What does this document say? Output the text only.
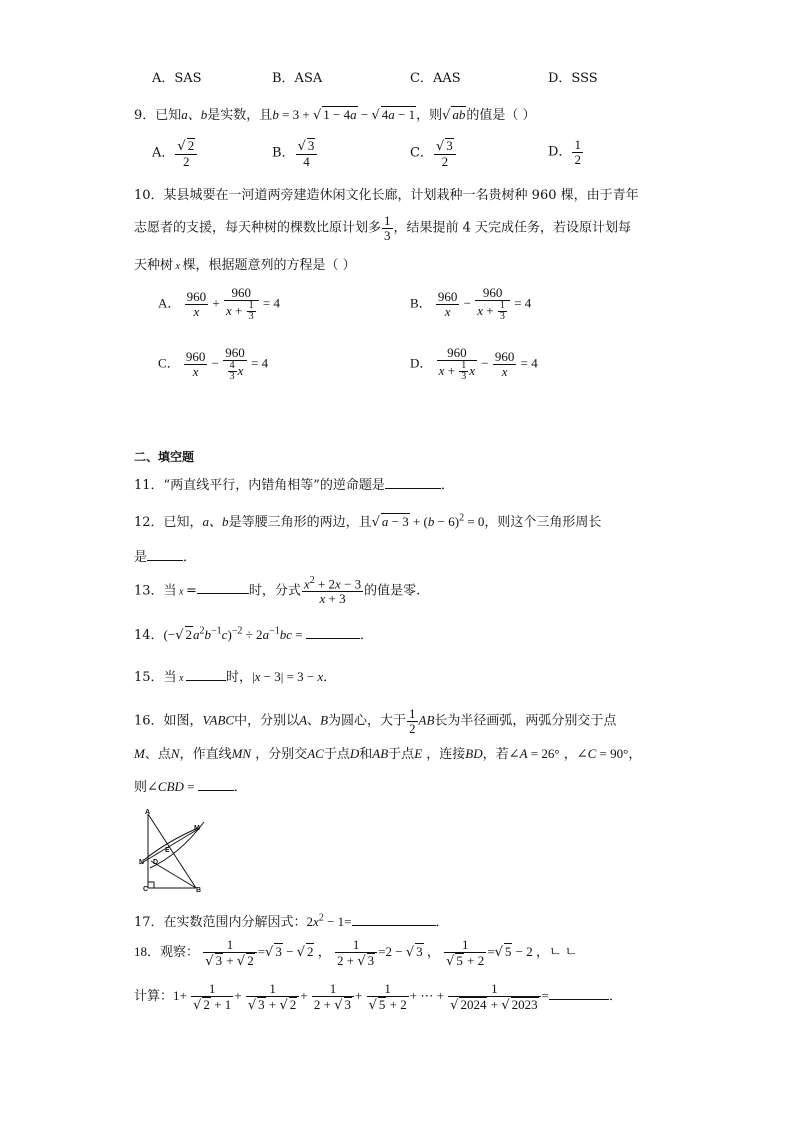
A．SAS	B．ASA	C．AAS	D．SSS
9．已知a、b是实数，且b = 3 + √ 1 − 4a − √ 4a − 1，则√ ab的值是（ ）
A． $\frac{√ 2}{2}$	B． $\frac{√ 3}{4}$	C． $\frac{√ 3}{2}$	D． $\frac{1}{2}$
10．某县城要在一河道两旁建造休闲文化长廊，计划栽种一名贵树种 960 棵，由于青年
志愿者的支援，每天种树的棵数比原计划多 $\frac{1}{3}$ ，结果提前 4 天完成任务，若设原计划每
天种树 x 棵，根据题意列的方程是（ ）
A． $\frac{960}{x} + \frac{960}{x + \frac{1}{3}} = 4$	B． $\frac{960}{x} - \frac{960}{x + \frac{1}{3}} = 4$
C． $\frac{960}{x} - \frac{960}{\frac{4}{3} x} = 4$	D． $\frac{960}{x + \frac{1}{3} x} - \frac{960}{x} = 4$
二、填空题
11．“两直线平行，内错角相等”的逆命题是	．
12．已知，a、b是等腰三角形的两边，且√ $a - 3 + (b - 6)^2 = 0$，则这个三角形周长
是	．
13．当 x =	时，分式 $\frac{x^2 + 2x - 3}{x + 3}$ 的值是零.
14．(−√ $2a^2b^{-1}c)^{-2} \div 2a^{-1}bc$ =	．
15．当 x	时，|x − 3| = 3 − x．
16．如图，VABC中，分别以A、B为圆心，大于 $\frac{1}{2}$ AB长为半径画弧，两弧分别交于点
M、点N，作直线MN ，分别交AC于点D和AB于点E ，连接BD，若∠A = 26° ，∠C = 90°，
则∠CBD =	．
A
M
E
N D
C	B
17．在实数范围内分解因式：$2x^2 - 1=$	．
18．观察： $\frac{1}{√ 3 + √ 2}$ =√ 3 − √ 2 ， $\frac{1}{2 + √ 3} =2$ − √ 3 ， $\frac{1}{√ 5 + 2}$ =√ 5 − 2 ，ㄴ ㄴ
计算：$1+ \frac{1}{√ 2 + 1} + \frac{1}{√ 3 + √ 2} + \frac{1}{2 + √ 3} + \frac{1}{√ 5 + 2}$ + ⋯ + $\frac{1}{√ 2024 + √ 2023}$ =	．
